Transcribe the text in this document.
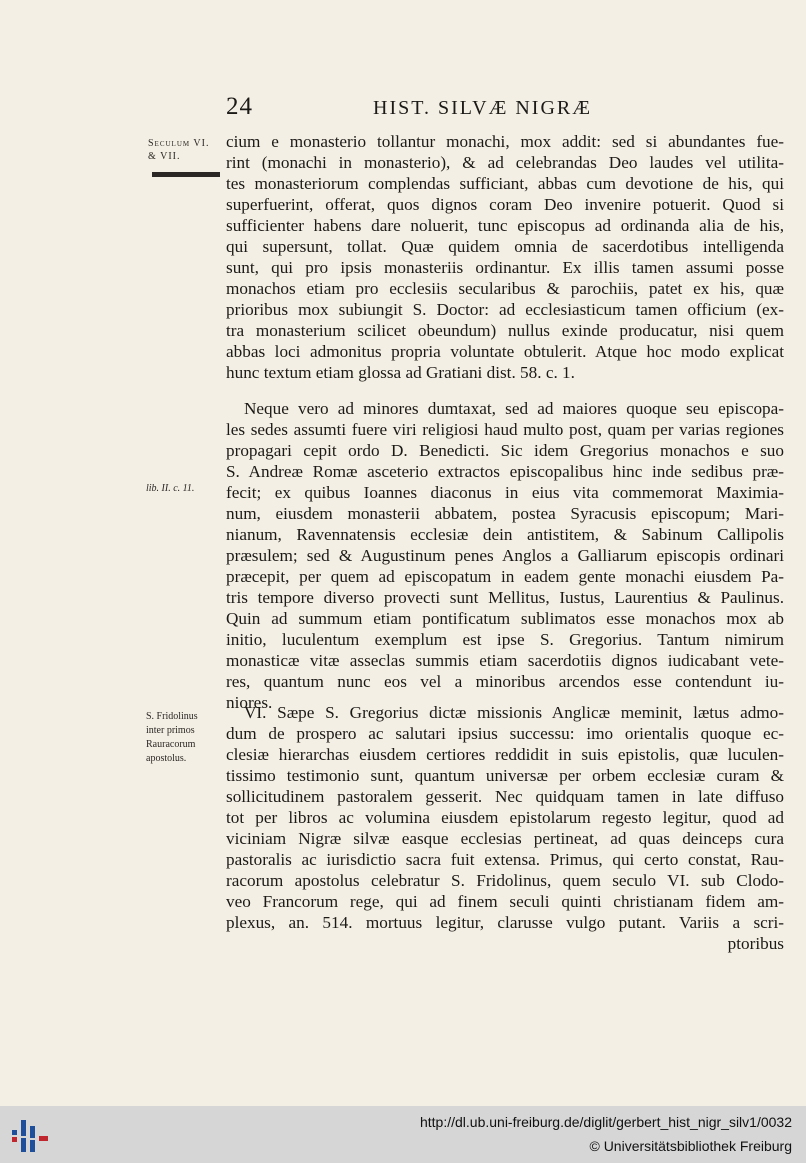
24	HIST. SILVÆ NIGRÆ
Seculum VI. & VII.
lib. II. c. 11.
S. Fridolinus inter primos Rauracorum apostolus.
cium e monasterio tollantur monachi, mox addit: sed si abundantes fue-
rint (monachi in monasterio), & ad celebrandas Deo laudes vel utilita-
tes monasteriorum complendas sufficiant, abbas cum devotione de his, qui
superfuerint, offerat, quos dignos coram Deo invenire potuerit. Quod si
sufficienter habens dare noluerit, tunc episcopus ad ordinanda alia de his,
qui supersunt, tollat. Quæ quidem omnia de sacerdotibus intelligenda
sunt, qui pro ipsis monasteriis ordinantur. Ex illis tamen assumi posse
monachos etiam pro ecclesiis secularibus & parochiis, patet ex his, quæ
prioribus mox subiungit S. Doctor: ad ecclesiasticum tamen officium (ex-
tra monasterium scilicet obeundum) nullus exinde producatur, nisi quem
abbas loci admonitus propria voluntate obtulerit. Atque hoc modo explicat
hunc textum etiam glossa ad Gratiani dist. 58. c. 1.
Neque vero ad minores dumtaxat, sed ad maiores quoque seu episcopa-
les sedes assumti fuere viri religiosi haud multo post, quam per varias regiones
propagari cepit ordo D. Benedicti. Sic idem Gregorius monachos e suo
S. Andreæ Romæ asceterio extractos episcopalibus hinc inde sedibus præ-
fecit; ex quibus Ioannes diaconus in eius vita commemorat Maximia-
num, eiusdem monasterii abbatem, postea Syracusis episcopum; Mari-
nianum, Ravennatensis ecclesiæ dein antistitem, & Sabinum Callipolis
præsulem; sed & Augustinum penes Anglos a Galliarum episcopis ordinari
præcepit, per quem ad episcopatum in eadem gente monachi eiusdem Pa-
tris tempore diverso provecti sunt Mellitus, Iustus, Laurentius & Paulinus.
Quin ad summum etiam pontificatum sublimatos esse monachos mox ab
initio, luculentum exemplum est ipse S. Gregorius. Tantum nimirum
monasticæ vitæ asseclas summis etiam sacerdotiis dignos iudicabant vete-
res, quantum nunc eos vel a minoribus arcendos esse contendunt iu-
niores.
VI. Sæpe S. Gregorius dictæ missionis Anglicæ meminit, lætus admo-
dum de prospero ac salutari ipsius successu: imo orientalis quoque ec-
clesiæ hierarchas eiusdem certiores reddidit in suis epistolis, quæ luculen-
tissimo testimonio sunt, quantum universæ per orbem ecclesiæ curam &
sollicitudinem pastoralem gesserit. Nec quidquam tamen in late diffuso
tot per libros ac volumina eiusdem epistolarum regesto legitur, quod ad
viciniam Nigræ silvæ easque ecclesias pertineat, ad quas deinceps cura
pastoralis ac iurisdictio sacra fuit extensa. Primus, qui certo constat, Rau-
racorum apostolus celebratur S. Fridolinus, quem seculo VI. sub Clodo-
veo Francorum rege, qui ad finem seculi quinti christianam fidem am-
plexus, an. 514. mortuus legitur, clarusse vulgo putant. Variis a scri-
ptoribus
http://dl.ub.uni-freiburg.de/diglit/gerbert_hist_nigr_silv1/0032
© Universitätsbibliothek Freiburg
